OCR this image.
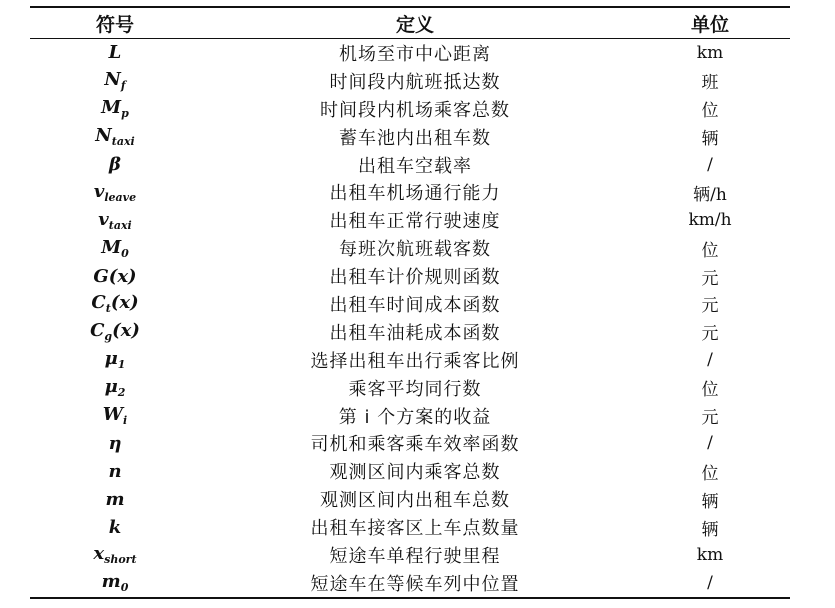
符号	定义	单位
L	机场至市中心距离	km
$N_f$	时间段内航班抵达数	班
$M_p$	时间段内机场乘客总数	位
$N_{taxi}$	蓄车池内出租车数	辆
β	出租车空载率	/
$v_{leave}$	出租车机场通行能力	辆/h
$v_{taxi}$	出租车正常行驶速度	km/h
$M_0$	每班次航班载客数	位
G(x)	出租车计价规则函数	元
$C_t(x)$	出租车时间成本函数	元
$C_g(x)$	出租车油耗成本函数	元
$\mu_1$	选择出租车出行乘客比例	/
$\mu_2$	乘客平均同行数	位
$W_i$	第 i 个方案的收益	元
η	司机和乘客乘车效率函数	/
n	观测区间内乘客总数	位
m	观测区间内出租车总数	辆
k	出租车接客区上车点数量	辆
$x_{short}$	短途车单程行驶里程	km
$m_0$	短途车在等候车列中位置	/
